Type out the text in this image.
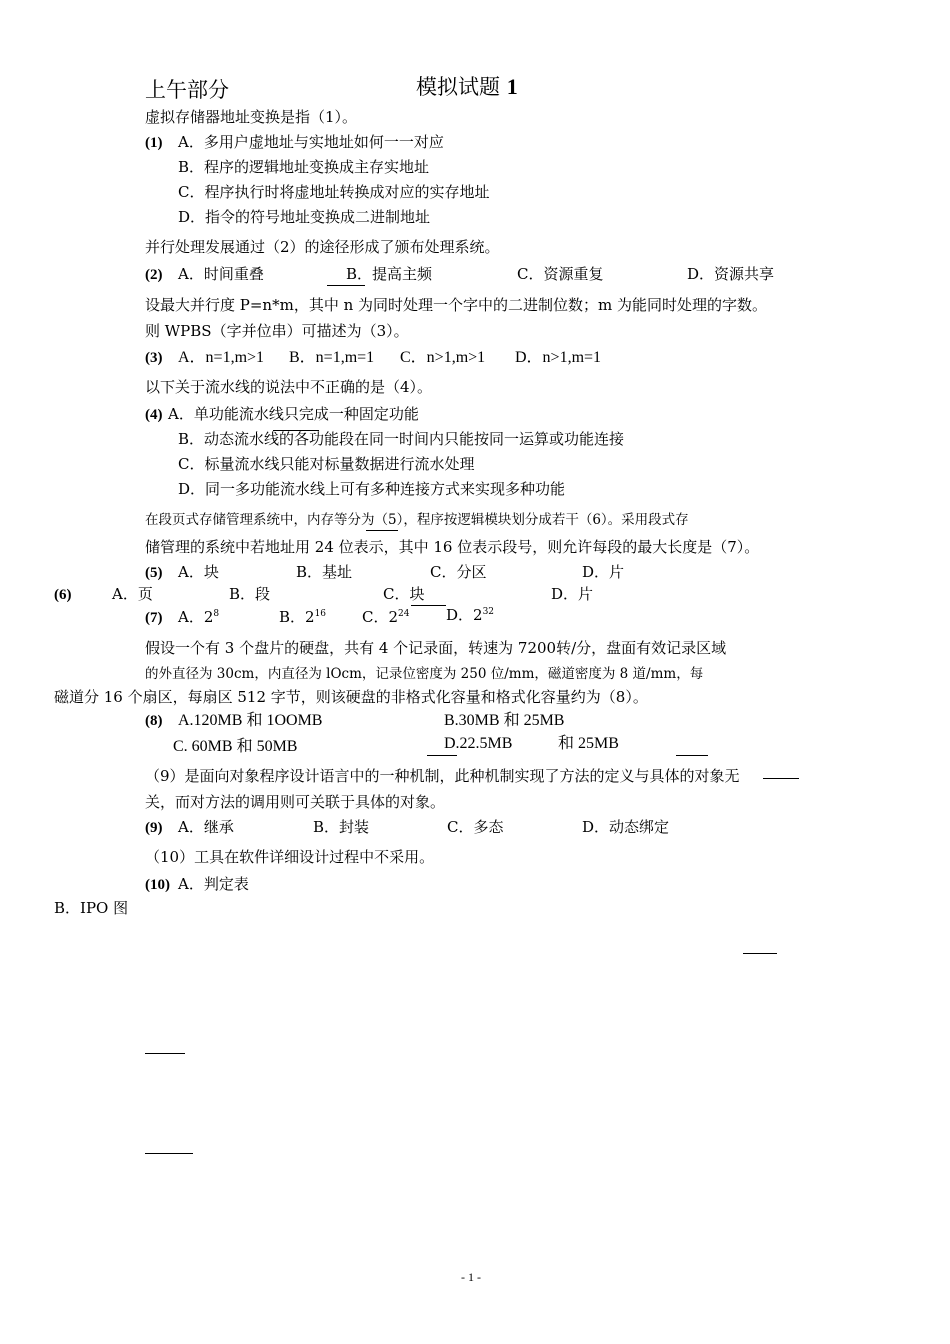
上午部分	模拟试题 1
虚拟存储器地址变换是指（1）。
(1) A．多用户虚地址与实地址如何一一对应
B．程序的逻辑地址变换成主存实地址
C．程序执行时将虚地址转换成对应的实存地址
D．指令的符号地址变换成二进制地址
并行处理发展通过（2）的途径形成了颁布处理系统。
(2) A．时间重叠	B．提高主频	C．资源重复	D．资源共享
设最大并行度 P=n*m，其中 n 为同时处理一个字中的二进制位数；m 为能同时处理的字数。
则 WPBS（字并位串）可描述为（3）。
(3) A．n=1,m>1 B．n=1,m=1 C．n>1,m>1 D．n>1,m=1
以下关于流水线的说法中不正确的是（4）。
(4) A．单功能流水线只完成一种固定功能
B．动态流水线的各功能段在同一时间内只能按同一运算或功能连接
C．标量流水线只能对标量数据进行流水处理
D．同一多功能流水线上可有多种连接方式来实现多种功能
在段页式存储管理系统中，内存等分为（5），程序按逻辑模块划分成若干（6）。采用段式存
储管理的系统中若地址用 24 位表示，其中 16 位表示段号，则允许每段的最大长度是（7）。
(5) A．块	B．基址	C．分区	D．片
(6)	A．页	B．段	C．块	D．片
(7) A．$2^8$	B．$2^{16}$ C．$2^{24}$ D．$2^{32}$
假设一个有 3 个盘片的硬盘，共有 4 个记录面，转速为 7200转/分，盘面有效记录区域
的外直径为 30cm，内直径为 lOcm，记录位密度为 250 位/mm，磁道密度为 8 道/mm，每
磁道分 16 个扇区，每扇区 512 字节，则该硬盘的非格式化容量和格式化容量约为（8）。
(8) A.120MB 和 1OOMB	B.30MB 和 25MB
C. 60MB 和 50MB	D.22.5MB	和 25MB
（9）是面向对象程序设计语言中的一种机制，此种机制实现了方法的定义与具体的对象无
关，而对方法的调用则可关联于具体的对象。
(9) A．继承	B．封装	C．多态	D．动态绑定
（10）工具在软件详细设计过程中不采用。
(10) A．判定表
B．IPO 图
- 1 -
